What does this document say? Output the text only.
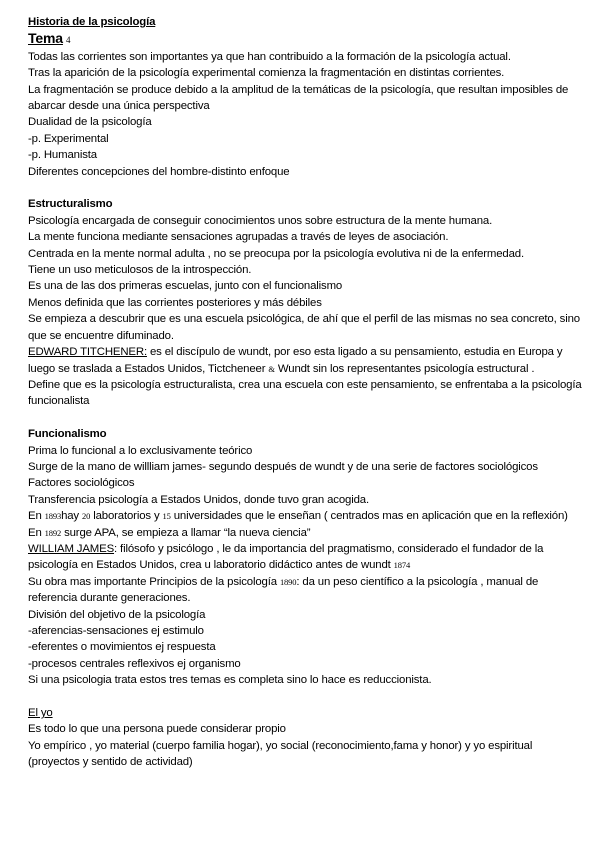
Historia de la psicología

Tema 4

Todas las corrientes son importantes ya que han contribuido a la formación de la psicología actual.

Tras la aparición de la psicología experimental comienza la fragmentación en distintas corrientes.

La fragmentación se produce debido a la amplitud de la temáticas de la psicología, que resultan imposibles de abarcar desde una única perspectiva

Dualidad de la psicología

-p. Experimental

-p. Humanista

Diferentes concepciones del hombre-distinto enfoque

Estructuralismo

Psicología encargada de conseguir conocimientos unos sobre estructura de la mente humana.

La mente funciona mediante sensaciones agrupadas a través de leyes de asociación.

Centrada en la mente normal adulta , no se preocupa por la psicología evolutiva ni de la enfermedad.

Tiene un uso meticulosos de la introspección.

Es una de las dos primeras escuelas, junto con el funcionalismo

Menos definida que las corrientes posteriores y más débiles

Se empieza a descubrir que es una escuela psicológica, de ahí que el perfil de las mismas no sea concreto, sino que se encuentre difuminado.

EDWARD TITCHENER: es el discípulo de wundt, por eso esta ligado a su pensamiento, estudia en Europa y luego se traslada a Estados Unidos, Tictcheneer & Wundt sin los representantes psicología estructural .

Define que es la psicología estructuralista, crea una escuela con este pensamiento, se enfrentaba a la psicología funcionalista

Funcionalismo

Prima lo funcional a lo exclusivamente teórico

Surge de la mano de willliam james- segundo después de wundt y de una serie de factores sociológicos

Factores sociológicos

Transferencia psicología a Estados Unidos, donde tuvo gran acogida.

En 1893hay 20 laboratorios y 15 universidades que le enseñan ( centrados mas en aplicación que en la reflexión)

En 1892 surge APA, se empieza a llamar “la nueva ciencia”

WILLIAM JAMES: filósofo y psicólogo , le da importancia del pragmatismo, considerado el fundador de la psicología en Estados Unidos, crea u laboratorio didáctico antes de wundt 1874

Su obra mas importante Principios de la psicología 1890: da un peso científico a la psicología , manual de referencia durante generaciones.

División del objetivo de la psicología

-aferencias-sensaciones ej estimulo

-eferentes o movimientos ej respuesta

-procesos centrales reflexivos ej organismo

Si una psicologia trata estos tres temas es completa sino lo hace es reduccionista.

El yo

Es todo lo que una persona puede considerar propio

Yo empírico , yo material (cuerpo familia hogar), yo social (reconocimiento,fama y honor) y yo espiritual (proyectos y sentido de actividad)
